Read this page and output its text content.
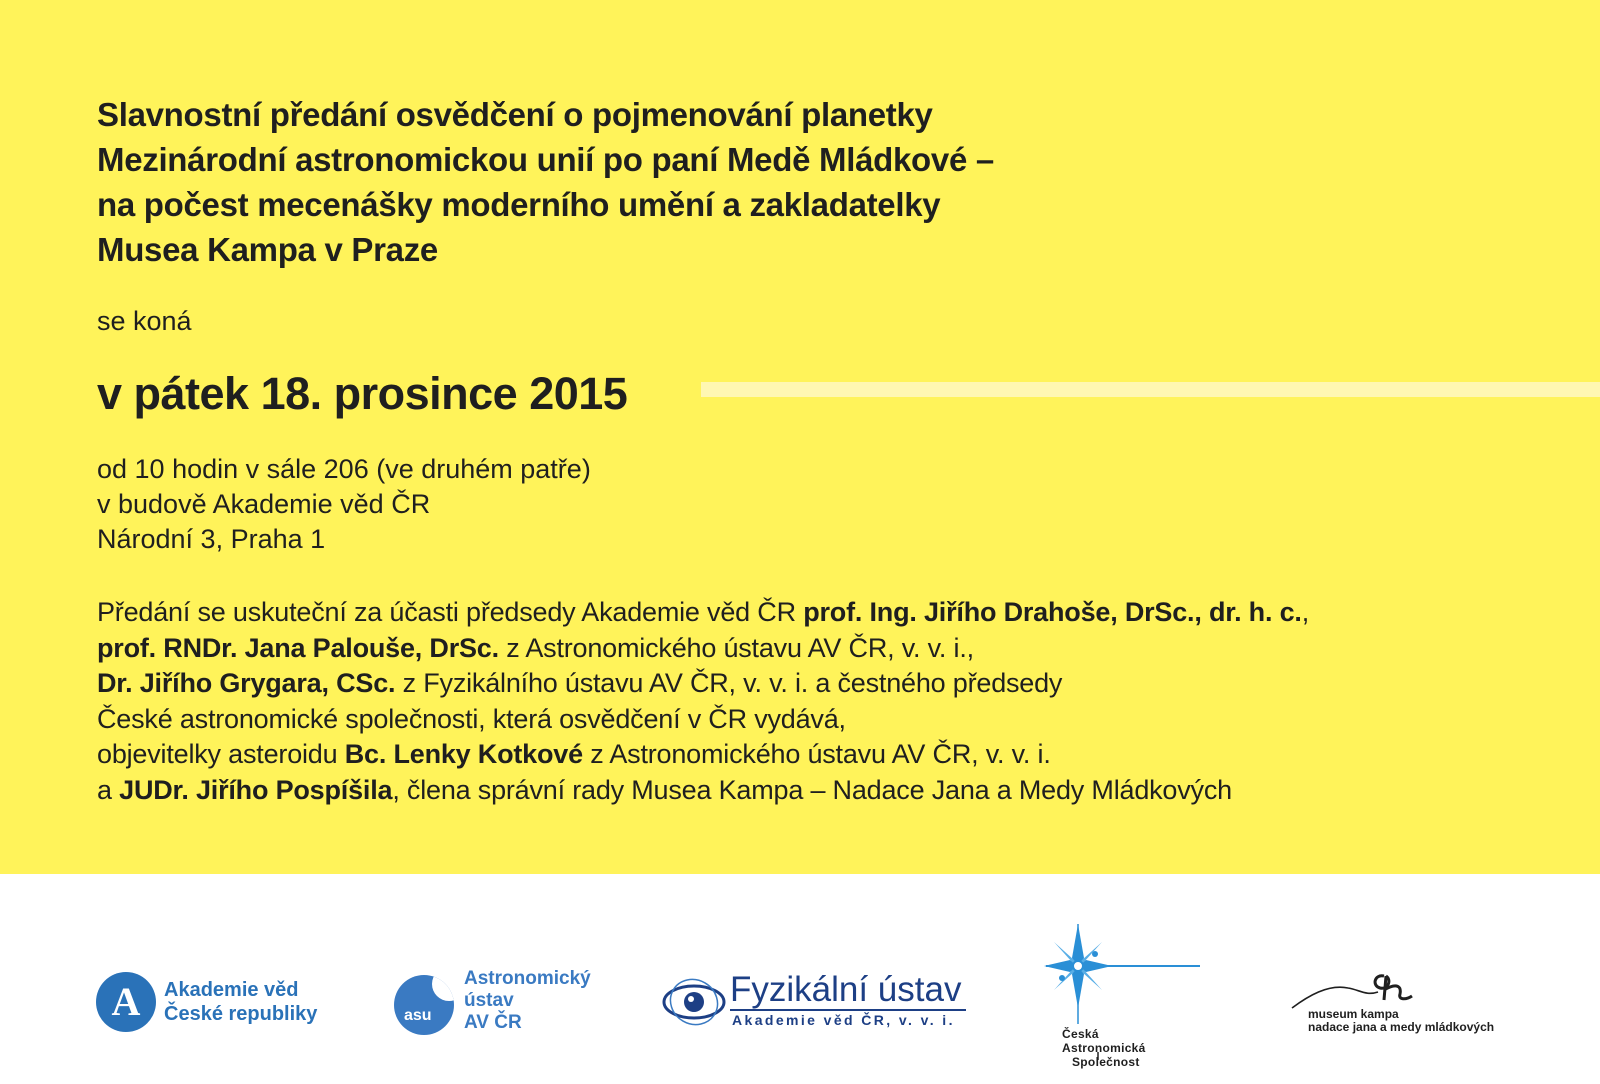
Slavnostní předání osvědčení o pojmenování planetky
Mezinárodní astronomickou unií po paní Medě Mládkové –
na počest mecenášky moderního umění a zakladatelky
Musea Kampa v Praze
se koná
v pátek 18. prosince 2015
od 10 hodin v sále 206 (ve druhém patře)
v budově Akademie věd ČR
Národní 3, Praha 1
Předání se uskuteční za účasti předsedy Akademie věd ČR prof. Ing. Jiřího Drahoše, DrSc., dr. h. c.,
prof. RNDr. Jana Palouše, DrSc. z Astronomického ústavu AV ČR, v. v. i.,
Dr. Jiřího Grygara, CSc. z Fyzikálního ústavu AV ČR, v. v. i. a čestného předsedy
České astronomické společnosti, která osvědčení v ČR vydává,
objevitelky asteroidu Bc. Lenky Kotkové z Astronomického ústavu AV ČR, v. v. i.
a JUDr. Jiřího Pospíšila, člena správní rady Musea Kampa – Nadace Jana a Medy Mládkových
A	Akademie věd
České republiky	asu
Astronomický
ústav
AV ČR
Fyzikální ústav
Akademie věd ČR, v. v. i.
Česká
Astronomická
Společnost
museum kampa
nadace jana a medy mládkových
